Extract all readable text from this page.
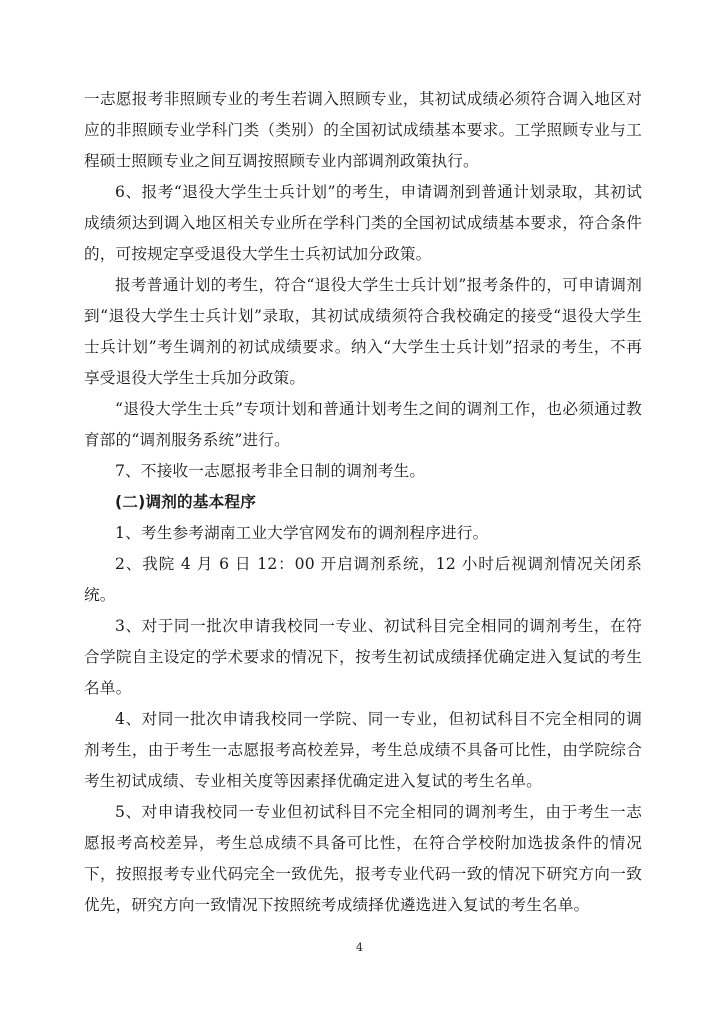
一志愿报考非照顾专业的考生若调入照顾专业，其初试成绩必须符合调入地区对应的非照顾专业学科门类（类别）的全国初试成绩基本要求。工学照顾专业与工程硕士照顾专业之间互调按照顾专业内部调剂政策执行。

6、报考“退役大学生士兵计划”的考生，申请调剂到普通计划录取，其初试成绩须达到调入地区相关专业所在学科门类的全国初试成绩基本要求，符合条件的，可按规定享受退役大学生士兵初试加分政策。

报考普通计划的考生，符合“退役大学生士兵计划”报考条件的，可申请调剂到“退役大学生士兵计划”录取，其初试成绩须符合我校确定的接受“退役大学生士兵计划”考生调剂的初试成绩要求。纳入“大学生士兵计划”招录的考生，不再享受退役大学生士兵加分政策。

“退役大学生士兵”专项计划和普通计划考生之间的调剂工作，也必须通过教育部的“调剂服务系统”进行。

7、不接收一志愿报考非全日制的调剂考生。

(二)调剂的基本程序

1、考生参考湖南工业大学官网发布的调剂程序进行。

2、我院 4 月 6 日 12：00 开启调剂系统，12 小时后视调剂情况关闭系统。

3、对于同一批次申请我校同一专业、初试科目完全相同的调剂考生，在符合学院自主设定的学术要求的情况下，按考生初试成绩择优确定进入复试的考生名单。

4、对同一批次申请我校同一学院、同一专业，但初试科目不完全相同的调剂考生，由于考生一志愿报考高校差异，考生总成绩不具备可比性，由学院综合考生初试成绩、专业相关度等因素择优确定进入复试的考生名单。

5、对申请我校同一专业但初试科目不完全相同的调剂考生，由于考生一志愿报考高校差异，考生总成绩不具备可比性，在符合学校附加选拔条件的情况下，按照报考专业代码完全一致优先，报考专业代码一致的情况下研究方向一致优先，研究方向一致情况下按照统考成绩择优遴选进入复试的考生名单。

4
